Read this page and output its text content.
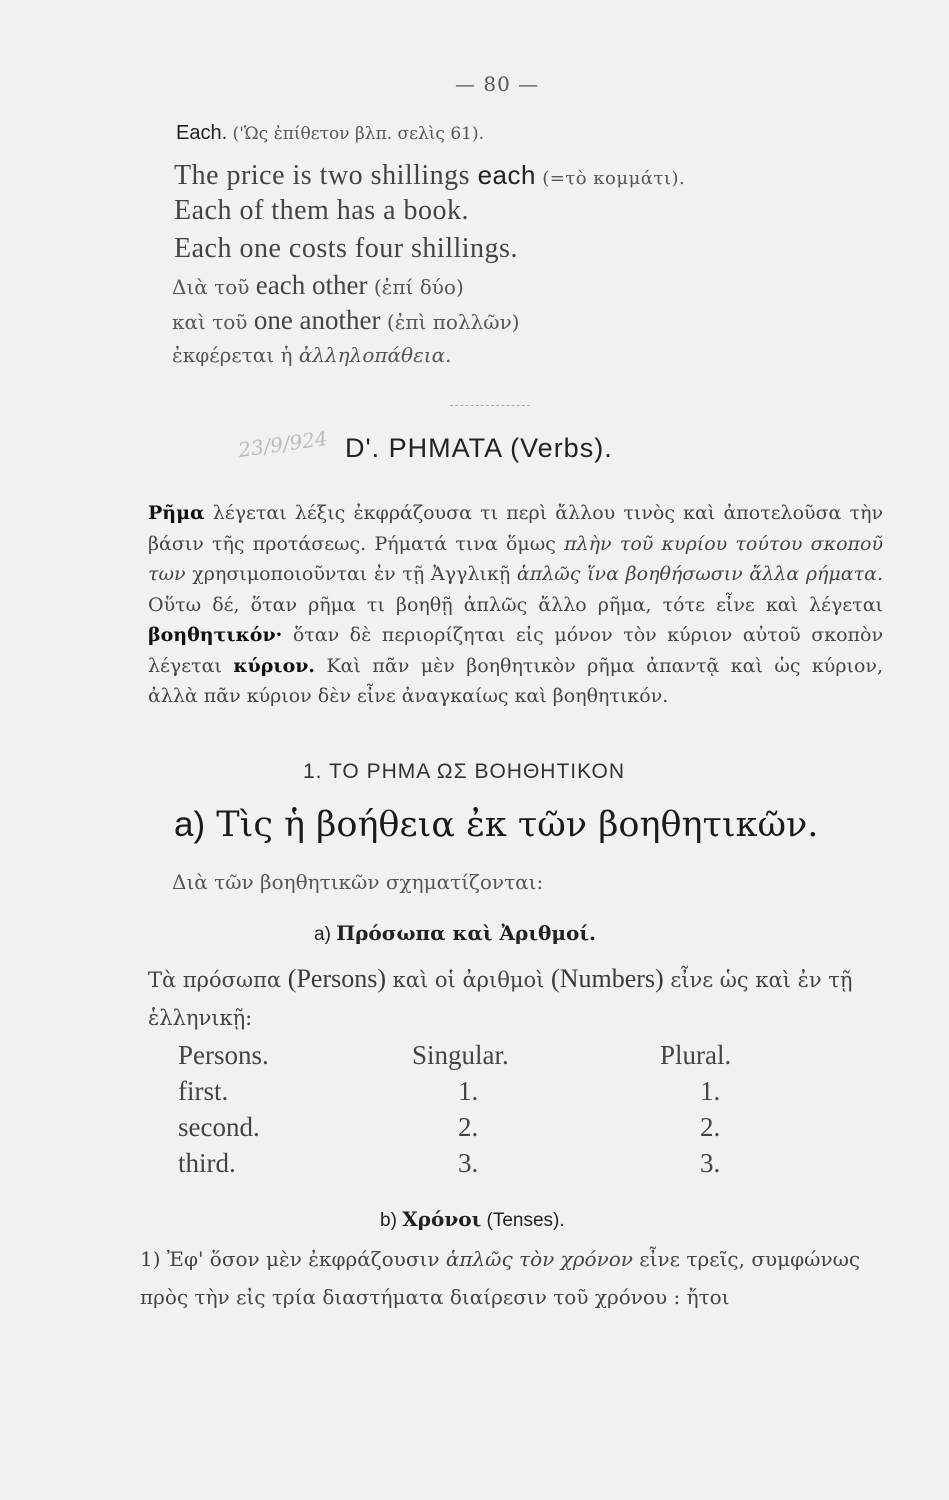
— 80 —
Each. ('Ὡς ἐπίθετον βλπ. σελὶς 61).
The price is two shillings each (=τὸ κομμάτι).
Each of them has a book.
Each one costs four shillings.
Διὰ τοῦ each other (ἐπί δύο)
καὶ τοῦ one another (ἐπὶ πολλῶν)
ἐκφέρεται ἡ ἀλληλοπάθεια.
23/9/924 D'. PHMATA (Verbs).
Ρῆμα λέγεται λέξις ἐκφράζουσα τι περὶ ἄλλου τινὸς καὶ ἀποτελοῦσα τὴν βάσιν τῆς προτάσεως. Ρήματά τινα ὅμως πλὴν τοῦ κυρίου τούτου σκοποῦ των χρησιμοποιοῦνται ἐν τῇ Ἀγγλικῇ ἁπλῶς ἵνα βοηθήσωσιν ἄλλα ρήματα. Οὕτω δέ, ὅταν ρῆμα τι βοηθῇ ἁπλῶς ἄλλο ρῆμα, τότε εἶνε καὶ λέγεται βοηθητικόν· ὅταν δὲ περιορίζηται εἰς μόνον τὸν κύριον αὐτοῦ σκοπὸν λέγεται κύριον. Καὶ πᾶν μὲν βοηθητικὸν ρῆμα ἀπαντᾷ καὶ ὡς κύριον, ἀλλὰ πᾶν κύριον δὲν εἶνε ἀναγκαίως καὶ βοηθητικόν.
1. ΤΟ ΡΗΜΑ ΩΣ ΒΟΗΘΗΤΙΚΟΝ
a) Τὶς ἡ βοήθεια ἐκ τῶν βοηθητικῶν.
Διὰ τῶν βοηθητικῶν σχηματίζονται:
a) Πρόσωπα καὶ Ἀριθμοί.
Τὰ πρόσωπα (Persons) καὶ οἱ ἀριθμοὶ (Numbers) εἶνε ὡς καὶ ἐν τῇ ἑλληνικῇ:
Persons.	Singular.	Plural.
first.	1.	1.
second.	2.	2.
third.	3.	3.
b) Χρόνοι (Tenses).
1) Ἐφ' ὅσον μὲν ἐκφράζουσιν ἁπλῶς τὸν χρόνον εἶνε τρεῖς, συμφώνως πρὸς τὴν εἰς τρία διαστήματα διαίρεσιν τοῦ χρόνου : ἤτοι
